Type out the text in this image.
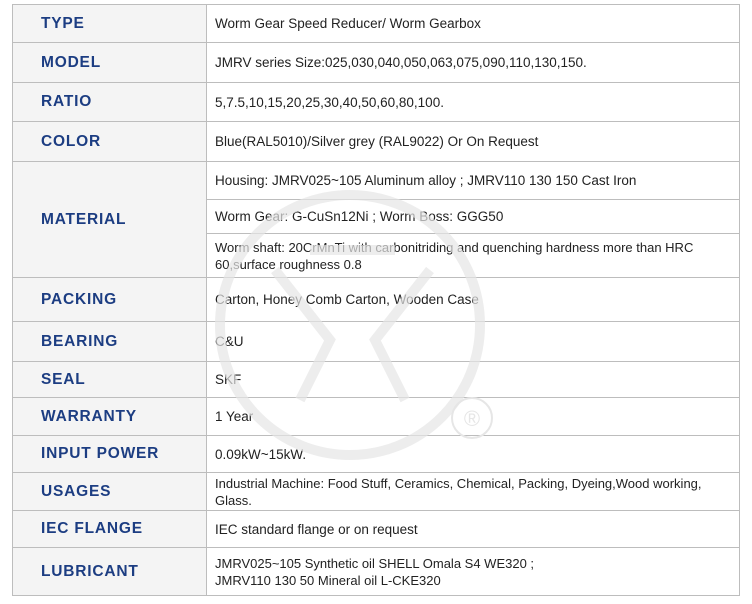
TYPE	Worm Gear Speed Reducer/ Worm Gearbox
MODEL	JMRV series Size:025,030,040,050,063,075,090,110,130,150.
RATIO	5,7.5,10,15,20,25,30,40,50,60,80,100.
COLOR	Blue(RAL5010)/Silver grey (RAL9022) Or On Request
MATERIAL	Housing: JMRV025~105 Aluminum alloy ; JMRV110 130 150 Cast Iron
Worm Gear: G-CuSn12Ni ; Worm Boss: GGG50
Worm shaft: 20CrMnTi with carbonitriding and quenching hardness more than HRC 60,surface roughness 0.8

PACKING	Carton, Honey Comb Carton, Wooden Case
BEARING	C&U
SEAL	SKF
WARRANTY	1 Year
INPUT POWER	0.09kW~15kW.
USAGES	Industrial Machine: Food Stuff, Ceramics, Chemical, Packing, Dyeing,Wood working, Glass.
IEC FLANGE	IEC standard flange or on request
LUBRICANT	JMRV025~105 Synthetic oil SHELL Omala S4 WE320 ;
JMRV110 130 50 Mineral oil L-CKE320
®
